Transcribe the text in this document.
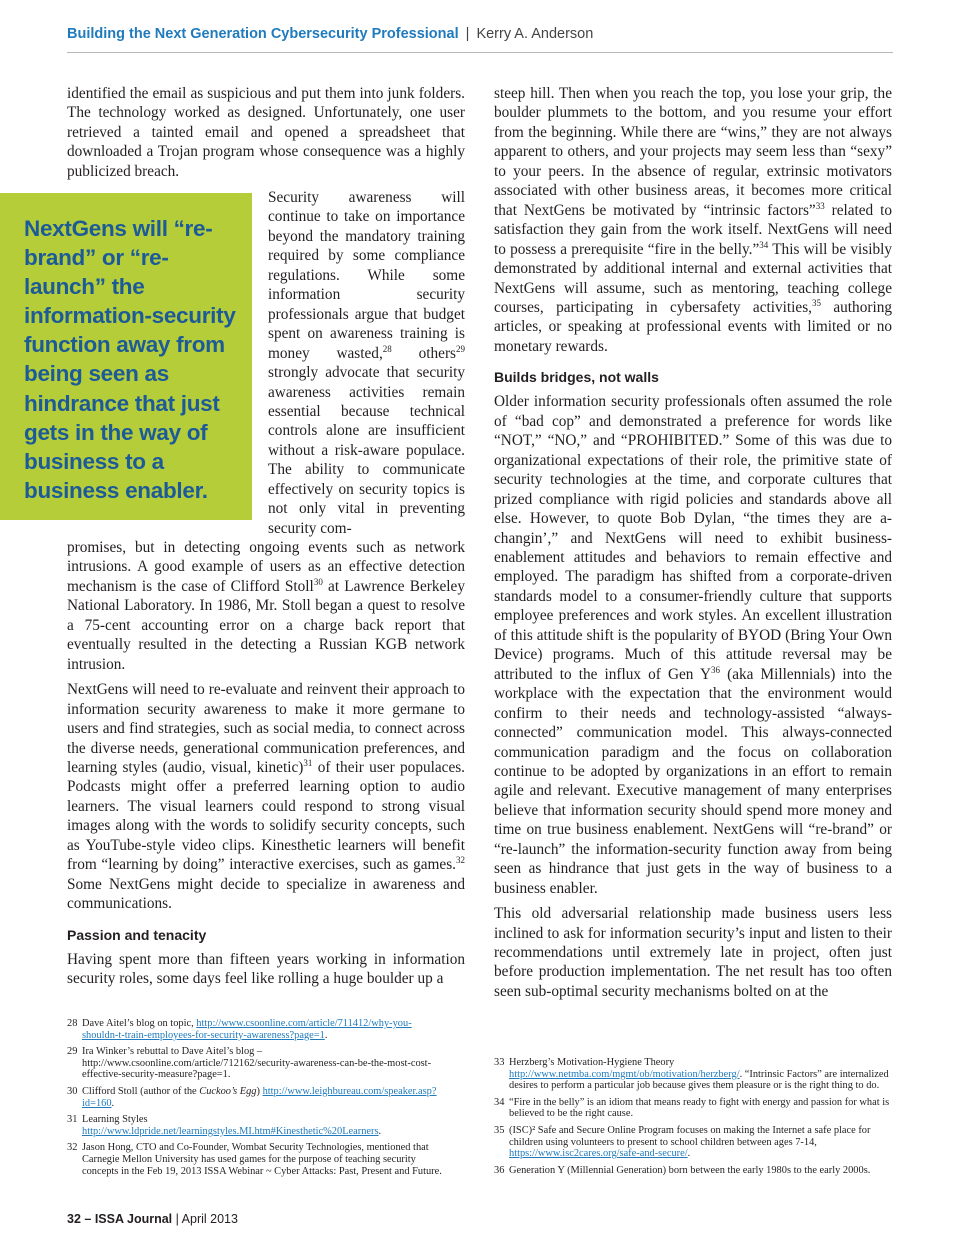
Building the Next Generation Cybersecurity Professional | Kerry A. Anderson
NextGens will “re-brand” or “re-launch” the information-security function away from being seen as hindrance that just gets in the way of business to a business enabler.

identified the email as suspicious and put them into junk folders. The technology worked as designed. Unfortunately, one user retrieved a tainted email and opened a spreadsheet that downloaded a Trojan program whose consequence was a highly publicized breach.

Security awareness will continue to take on importance beyond the mandatory training required by some compliance regulations. While some information security professionals argue that budget spent on awareness training is money wasted,$^{28}$ others$^{29}$ strongly advocate that security awareness activities remain essential because technical controls alone are insufficient without a risk-aware populace. The ability to communicate effectively on security topics is not only vital in preventing security com-

promises, but in detecting ongoing events such as network intrusions. A good example of users as an effective detection mechanism is the case of Clifford Stoll$^{30}$ at Lawrence Berkeley National Laboratory. In 1986, Mr. Stoll began a quest to resolve a 75-cent accounting error on a charge back report that eventually resulted in the detecting a Russian KGB network intrusion.

NextGens will need to re-evaluate and reinvent their approach to information security awareness to make it more germane to users and find strategies, such as social media, to connect across the diverse needs, generational communication preferences, and learning styles (audio, visual, kinetic)$^{31}$ of their user populaces. Podcasts might offer a preferred learning option to audio learners. The visual learners could respond to strong visual images along with the words to solidify security concepts, such as YouTube-style video clips. Kinesthetic learners will benefit from “learning by doing” interactive exercises, such as games.$^{32}$ Some NextGens might decide to specialize in awareness and communications.

Passion and tenacity

Having spent more than fifteen years working in information security roles, some days feel like rolling a huge boulder up a

steep hill. Then when you reach the top, you lose your grip, the boulder plummets to the bottom, and you resume your effort from the beginning. While there are “wins,” they are not always apparent to others, and your projects may seem less than “sexy” to your peers. In the absence of regular, extrinsic motivators associated with other business areas, it becomes more critical that NextGens be motivated by “intrinsic factors”$^{33}$ related to satisfaction they gain from the work itself. NextGens will need to possess a prerequisite “fire in the belly.”$^{34}$ This will be visibly demonstrated by additional internal and external activities that NextGens will assume, such as mentoring, teaching college courses, participating in cybersafety activities,$^{35}$ authoring articles, or speaking at professional events with limited or no monetary rewards.

Builds bridges, not walls

Older information security professionals often assumed the role of “bad cop” and demonstrated a preference for words like “NOT,” “NO,” and “PROHIBITED.” Some of this was due to organizational expectations of their role, the primitive state of security technologies at the time, and corporate cultures that prized compliance with rigid policies and standards above all else. However, to quote Bob Dylan, “the times they are a-changin’,” and NextGens will need to exhibit business-enablement attitudes and behaviors to remain effective and employed. The paradigm has shifted from a corporate-driven standards model to a consumer-friendly culture that supports employee preferences and work styles. An excellent illustration of this attitude shift is the popularity of BYOD (Bring Your Own Device) programs. Much of this attitude reversal may be attributed to the influx of Gen $Y^{36}$ (aka Millennials) into the workplace with the expectation that the environment would confirm to their needs and technology-assisted “always-connected” communication model. This always-connected communication paradigm and the focus on collaboration continue to be adopted by organizations in an effort to remain agile and relevant. Executive management of many enterprises believe that information security should spend more money and time on true business enablement. NextGens will “re-brand” or “re-launch” the information-security function away from being seen as hindrance that just gets in the way of business to a business enabler.

This old adversarial relationship made business users less inclined to ask for information security’s input and listen to their recommendations until extremely late in project, often just before production implementation. The net result has too often seen sub-optimal security mechanisms bolted on at the

28 Dave Aitel’s blog on topic, http://www.csoonline.com/article/711412/why-you-shouldn-t-train-employees-for-security-awareness?page=1.
29 Ira Winker’s rebuttal to Dave Aitel’s blog – http://www.csoonline.com/article/712162/security-awareness-can-be-the-most-cost-effective-security-measure?page=1.
30 Clifford Stoll (author of the Cuckoo’s Egg) http://www.leighbureau.com/speaker.asp?id=160.
31 Learning Styles http://www.ldpride.net/learningstyles.MI.htm#Kinesthetic%20Learners.
32 Jason Hong, CTO and Co-Founder, Wombat Security Technologies, mentioned that Carnegie Mellon University has used games for the purpose of teaching security concepts in the Feb 19, 2013 ISSA Webinar ~ Cyber Attacks: Past, Present and Future.
33 Herzberg’s Motivation-Hygiene Theory http://www.netmba.com/mgmt/ob/motivation/herzberg/. “Intrinsic Factors” are internalized desires to perform a particular job because gives them pleasure or is the right thing to do.
34 “Fire in the belly” is an idiom that means ready to fight with energy and passion for what is believed to be the right cause.
35 (ISC)² Safe and Secure Online Program focuses on making the Internet a safe place for children using volunteers to present to school children between ages 7-14, https://www.isc2cares.org/safe-and-secure/.
36 Generation Y (Millennial Generation) born between the early 1980s to the early 2000s.
32 – ISSA Journal | April 2013
